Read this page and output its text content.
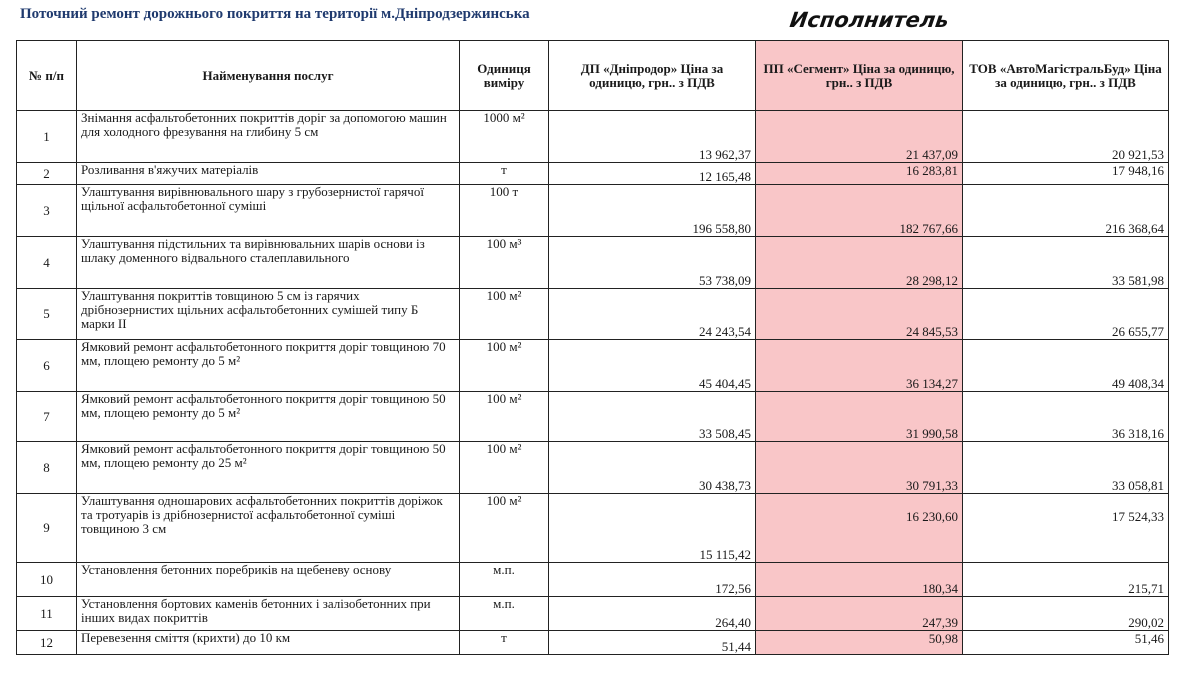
Поточний ремонт дорожнього покриття на території м.Дніпродзержинська	Исполнитель
№ п/п	Найменування послуг	Одиниця виміру	ДП «Дніпродор» Ціна за одиницю, грн.. з ПДВ	ПП «Сегмент» Ціна за одиницю, грн.. з ПДВ	ТОВ «АвтоМагістральБуд» Ціна за одиницю, грн.. з ПДВ
1	Знімання асфальтобетонних покриттів доріг за допомогою машин для холодного фрезування на глибину 5 см	1000 м²	13 962,37	21 437,09	20 921,53
2	Розливання в'яжучих матеріалів	т	12 165,48	16 283,81	17 948,16
3	Улаштування вирівнювального шару з грубозернистої гарячої щільної асфальтобетонної суміші	100 т	196 558,80	182 767,66	216 368,64
4	Улаштування підстильних та вирівнювальних шарів основи із шлаку доменного відвального сталеплавильного	100 м³	53 738,09	28 298,12	33 581,98
5	Улаштування покриттів товщиною 5 см із гарячих дрібнозернистих щільних асфальтобетонних сумішей типу Б марки II	100 м²	24 243,54	24 845,53	26 655,77
6	Ямковий ремонт асфальтобетонного покриття доріг товщиною 70 мм, площею ремонту до 5 м²	100 м²	45 404,45	36 134,27	49 408,34
7	Ямковий ремонт асфальтобетонного покриття доріг товщиною 50 мм, площею ремонту до 5 м²	100 м²	33 508,45	31 990,58	36 318,16
8	Ямковий ремонт асфальтобетонного покриття доріг товщиною 50 мм, площею ремонту до 25 м²	100 м²	30 438,73	30 791,33	33 058,81
9	Улаштування одношарових асфальтобетонних покриттів доріжок та тротуарів із дрібнозернистої асфальтобетонної суміші товщиною 3 см	100 м²	15 115,42	16 230,60	17 524,33
10	Установлення бетонних поребриків на щебеневу основу	м.п.	172,56	180,34	215,71
11	Установлення бортових каменів бетонних і залізобетонних при інших видах покриттів	м.п.	264,40	247,39	290,02
12	Перевезення сміття (крихти) до 10 км	т	51,44	50,98	51,46
